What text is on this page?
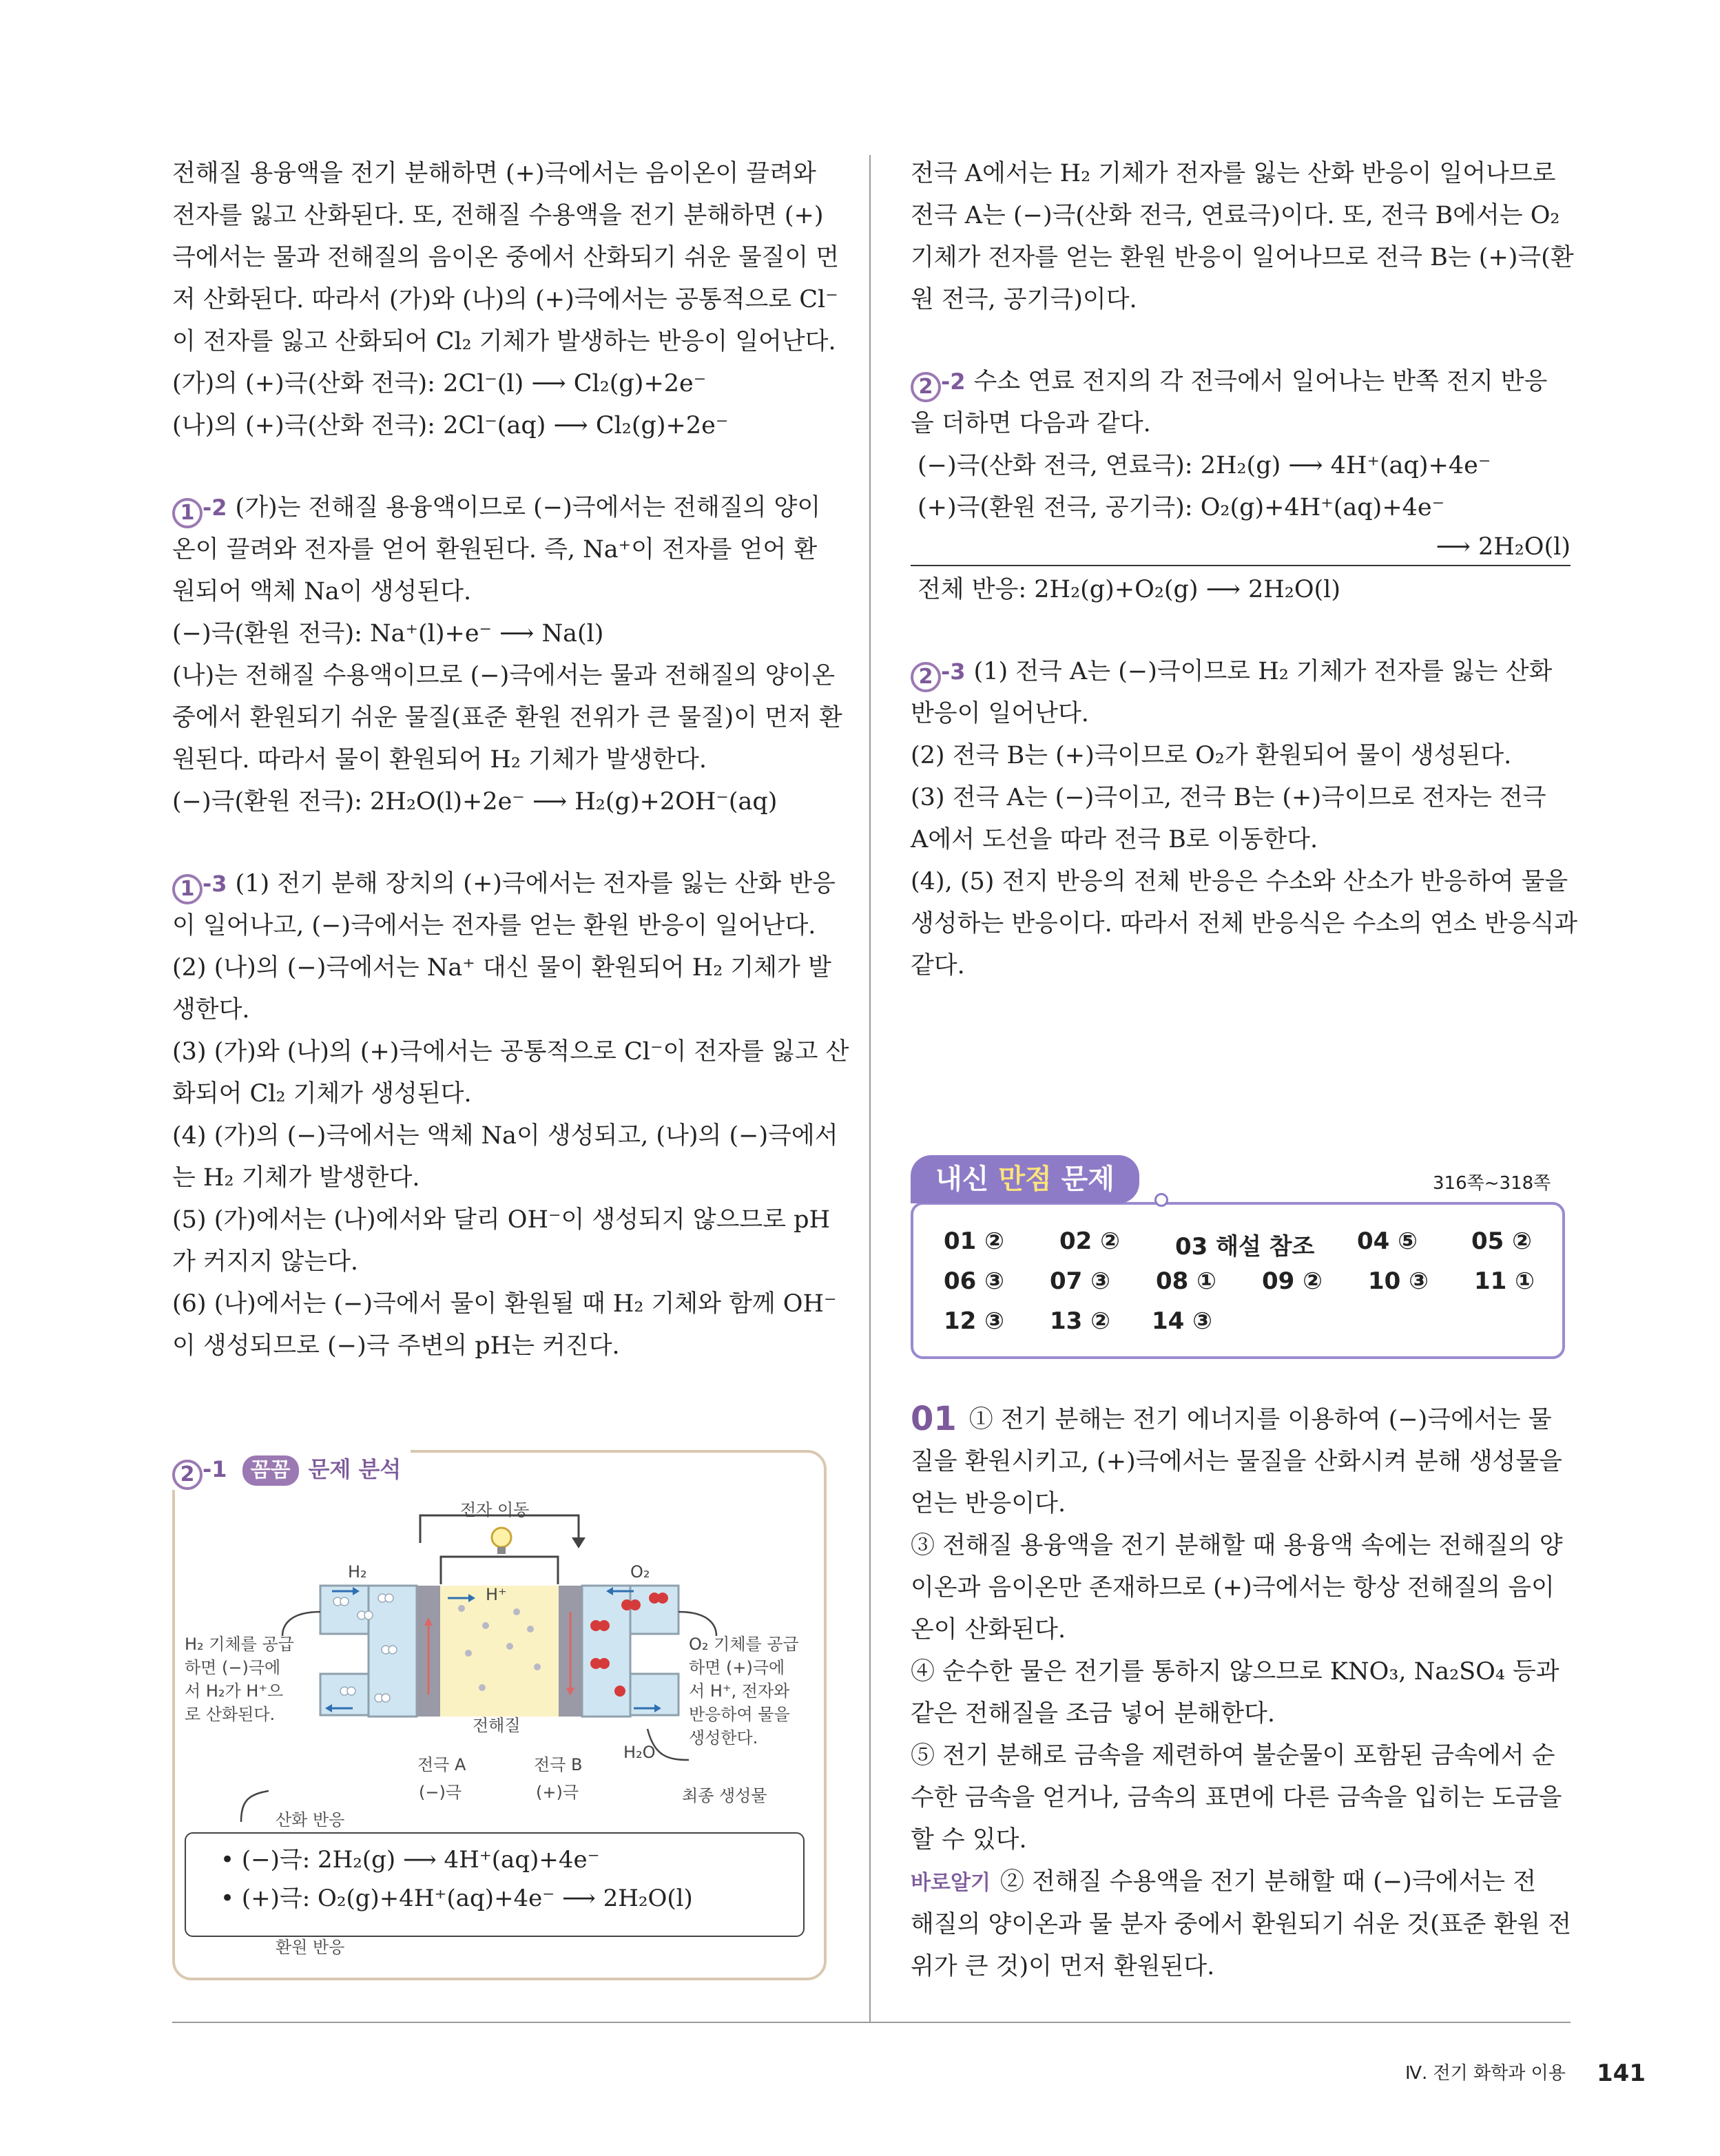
전해질 용융액을 전기 분해하면 (+)극에서는 음이온이 끌려와

전자를 잃고 산화된다. 또, 전해질 수용액을 전기 분해하면 (+)

극에서는 물과 전해질의 음이온 중에서 산화되기 쉬운 물질이 먼

저 산화된다. 따라서 (가)와 (나)의 (+)극에서는 공통적으로 Cl⁻

이 전자를 잃고 산화되어 Cl₂ 기체가 발생하는 반응이 일어난다.

(가)의 (+)극(산화 전극): 2Cl⁻(l) ⟶ Cl₂(g)+2e⁻

(나)의 (+)극(산화 전극): 2Cl⁻(aq) ⟶ Cl₂(g)+2e⁻

1 -2 (가)는 전해질 용융액이므로 (−)극에서는 전해질의 양이

온이 끌려와 전자를 얻어 환원된다. 즉, Na⁺이 전자를 얻어 환

원되어 액체 Na이 생성된다.

(−)극(환원 전극): Na⁺(l)+e⁻ ⟶ Na(l)

(나)는 전해질 수용액이므로 (−)극에서는 물과 전해질의 양이온

중에서 환원되기 쉬운 물질(표준 환원 전위가 큰 물질)이 먼저 환

원된다. 따라서 물이 환원되어 H₂ 기체가 발생한다.

(−)극(환원 전극): 2H₂O(l)+2e⁻ ⟶ H₂(g)+2OH⁻(aq)

1 -3 (1) 전기 분해 장치의 (+)극에서는 전자를 잃는 산화 반응

이 일어나고, (−)극에서는 전자를 얻는 환원 반응이 일어난다.

(2) (나)의 (−)극에서는 Na⁺ 대신 물이 환원되어 H₂ 기체가 발

생한다.

(3) (가)와 (나)의 (+)극에서는 공통적으로 Cl⁻이 전자를 잃고 산

화되어 Cl₂ 기체가 생성된다.

(4) (가)의 (−)극에서는 액체 Na이 생성되고, (나)의 (−)극에서

는 H₂ 기체가 발생한다.

(5) (가)에서는 (나)에서와 달리 OH⁻이 생성되지 않으므로 pH

가 커지지 않는다.

(6) (나)에서는 (−)극에서 물이 환원될 때 H₂ 기체와 함께 OH⁻

이 생성되므로 (−)극 주변의 pH는 커진다.

2 -1 꼼꼼 문제 분석
전자 이동
H₂	O₂
H⁺
전해질
H₂O
전극 A
(−)극
전극 B
(+)극	최종 생성물
산화 반응
환원 반응
H₂ 기체를 공급
하면 (−)극에
서 H₂가 H⁺으
로 산화된다.
O₂ 기체를 공급
하면 (+)극에
서 H⁺, 전자와
반응하여 물을
생성한다.
• (−)극: 2H₂(g) ⟶ 4H⁺(aq)+4e⁻
• (+)극: O₂(g)+4H⁺(aq)+4e⁻ ⟶ 2H₂O(l)

전극 A에서는 H₂ 기체가 전자를 잃는 산화 반응이 일어나므로

전극 A는 (−)극(산화 전극, 연료극)이다. 또, 전극 B에서는 O₂

기체가 전자를 얻는 환원 반응이 일어나므로 전극 B는 (+)극(환

원 전극, 공기극)이다.

2 -2 수소 연료 전지의 각 전극에서 일어나는 반쪽 전지 반응

을 더하면 다음과 같다.

(−)극(산화 전극, 연료극): 2H₂(g) ⟶ 4H⁺(aq)+4e⁻

(+)극(환원 전극, 공기극): O₂(g)+4H⁺(aq)+4e⁻

⟶ 2H₂O(l)

전체 반응: 2H₂(g)+O₂(g) ⟶ 2H₂O(l)

2 -3 (1) 전극 A는 (−)극이므로 H₂ 기체가 전자를 잃는 산화

반응이 일어난다.

(2) 전극 B는 (+)극이므로 O₂가 환원되어 물이 생성된다.

(3) 전극 A는 (−)극이고, 전극 B는 (+)극이므로 전자는 전극

A에서 도선을 따라 전극 B로 이동한다.

(4), (5) 전지 반응의 전체 반응은 수소와 산소가 반응하여 물을

생성하는 반응이다. 따라서 전체 반응식은 수소의 연소 반응식과

같다.

내신 만점 문제	316쪽~318쪽
01 ② 02 ② 03 해설 참조 04 ⑤ 05 ②
06 ③ 07 ③ 08 ① 09 ② 10 ③ 11 ①
12 ③ 13 ② 14 ③

01 ① 전기 분해는 전기 에너지를 이용하여 (−)극에서는 물

질을 환원시키고, (+)극에서는 물질을 산화시켜 분해 생성물을

얻는 반응이다.

③ 전해질 용융액을 전기 분해할 때 용융액 속에는 전해질의 양

이온과 음이온만 존재하므로 (+)극에서는 항상 전해질의 음이

온이 산화된다.

④ 순수한 물은 전기를 통하지 않으므로 KNO₃, Na₂SO₄ 등과

같은 전해질을 조금 넣어 분해한다.

⑤ 전기 분해로 금속을 제련하여 불순물이 포함된 금속에서 순

수한 금속을 얻거나, 금속의 표면에 다른 금속을 입히는 도금을

할 수 있다.

바로알기 ② 전해질 수용액을 전기 분해할 때 (−)극에서는 전

해질의 양이온과 물 분자 중에서 환원되기 쉬운 것(표준 환원 전

위가 큰 것)이 먼저 환원된다.

Ⅳ. 전기 화학과 이용 141
